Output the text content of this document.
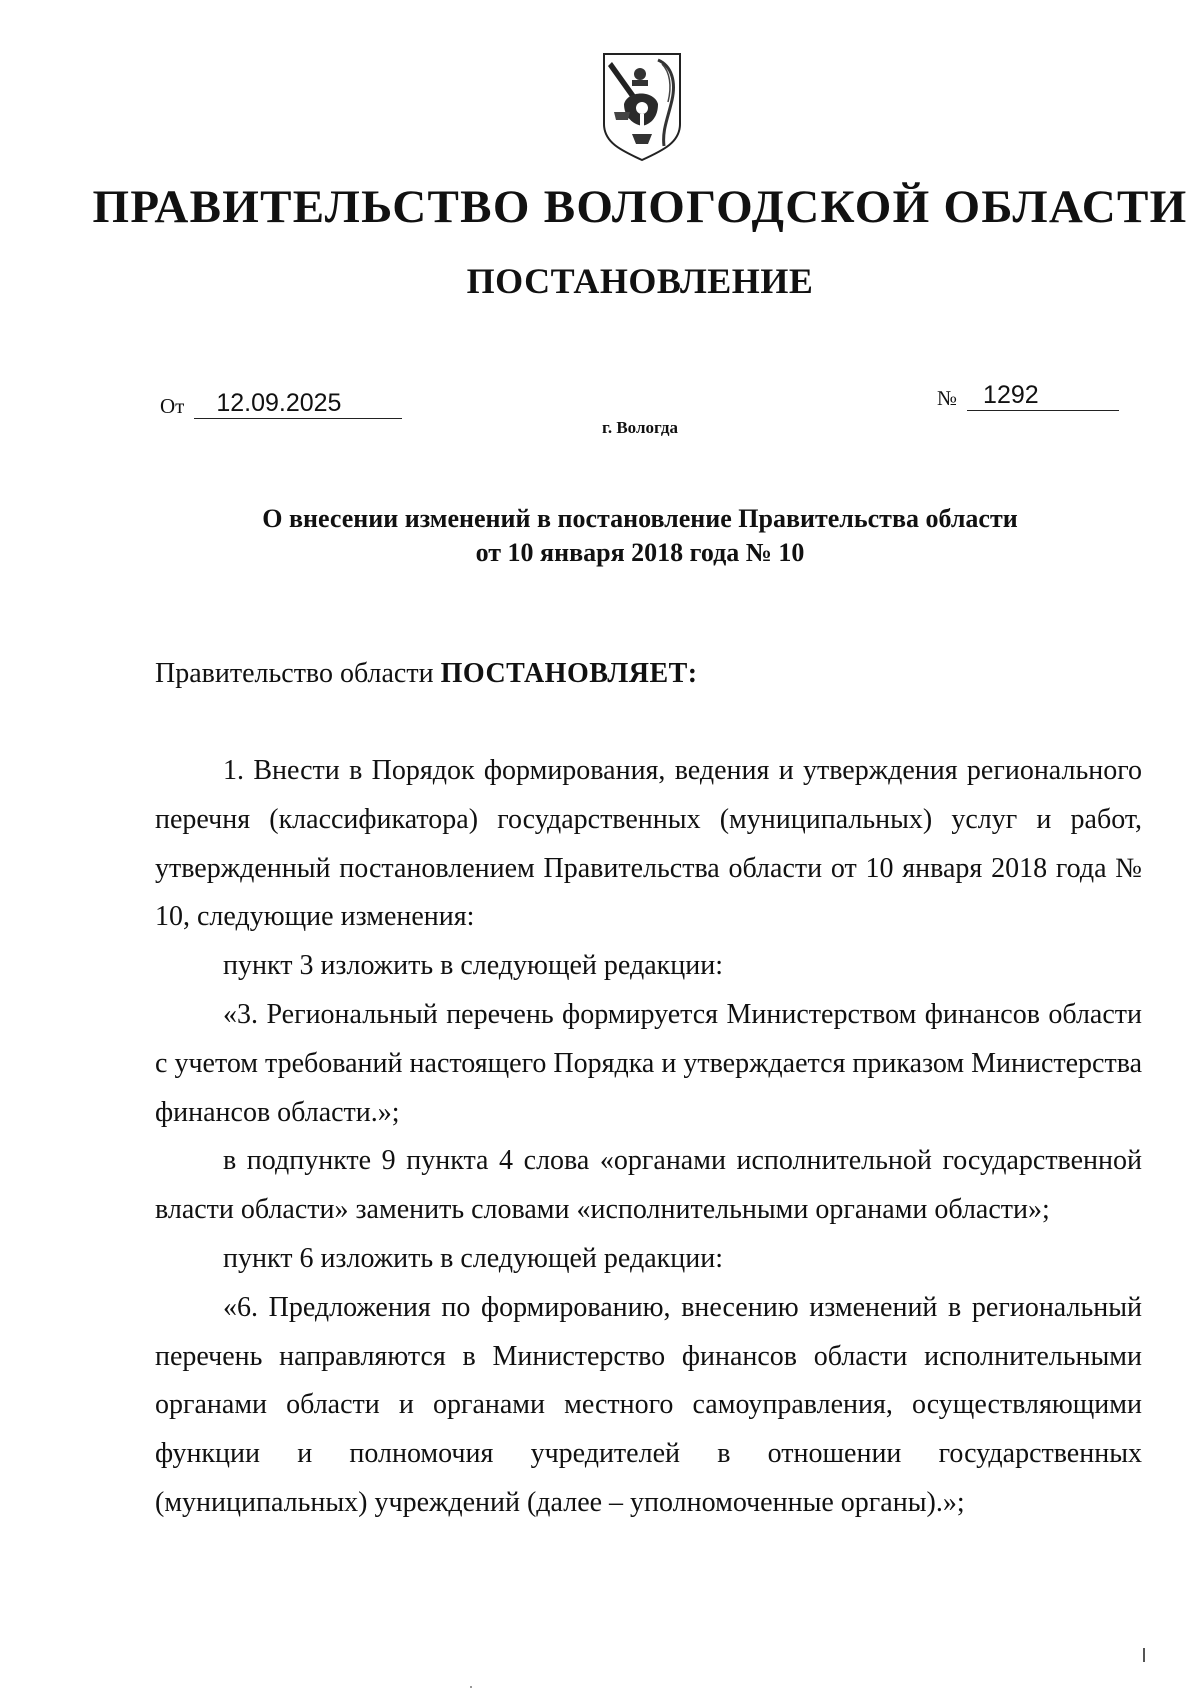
ПРАВИТЕЛЬСТВО ВОЛОГОДСКОЙ ОБЛАСТИ
ПОСТАНОВЛЕНИЕ
От 12.09.2025	№ 1292
г. Вологда
О внесении изменений в постановление Правительства области
от 10 января 2018 года № 10

Правительство области ПОСТАНОВЛЯЕТ:

1. Внести в Порядок формирования, ведения и утверждения регионального перечня (классификатора) государственных (муниципальных) услуг и работ, утвержденный постановлением Правительства области от 10 января 2018 года № 10, следующие изменения:

пункт 3 изложить в следующей редакции:

«3. Региональный перечень формируется Министерством финансов области с учетом требований настоящего Порядка и утверждается приказом Министерства финансов области.»;

в подпункте 9 пункта 4 слова «органами исполнительной государственной власти области» заменить словами «исполнительными органами области»;

пункт 6 изложить в следующей редакции:

«6. Предложения по формированию, внесению изменений в региональный перечень направляются в Министерство финансов области исполнительными органами области и органами местного самоуправления, осуществляющими функции и полномочия учредителей в отношении государственных (муниципальных) учреждений (далее – уполномоченные органы).»;
